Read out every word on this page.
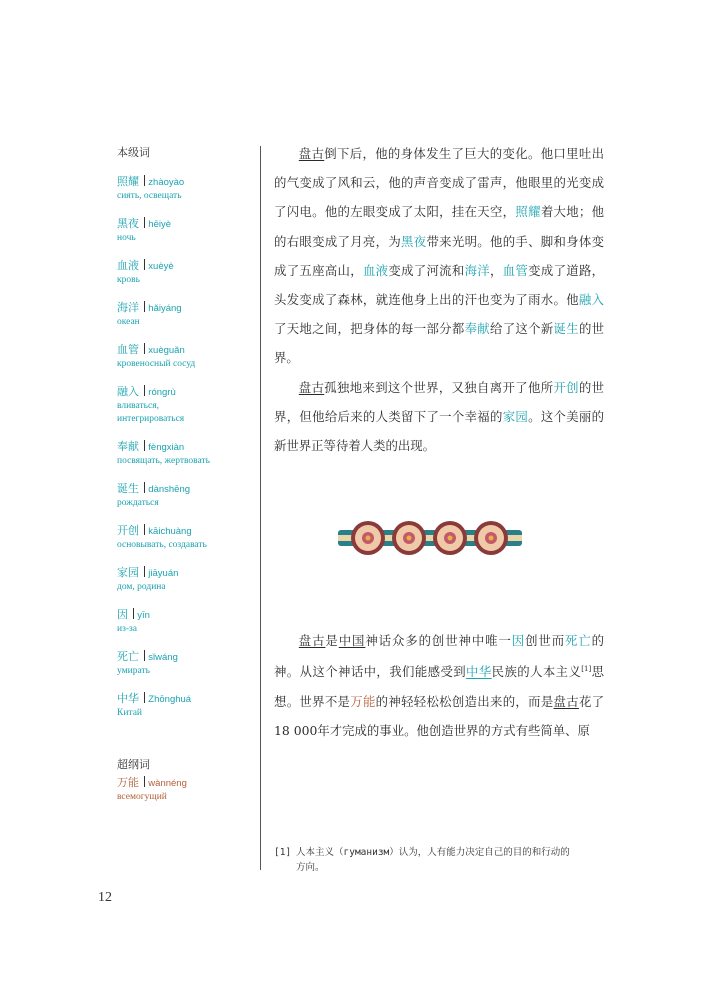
本级词
照耀 zhàoyào
сиять, освещать
黑夜 hēiyè
ночь
血液 xuèyè
кровь
海洋 hǎiyáng
океан
血管 xuèguǎn
кровеносный сосуд
融入 róngrù
вливаться,
интегрироваться
奉献 fèngxiàn
посвящать, жертвовать
诞生 dànshēng
рождаться
开创 kāichuàng
основывать, создавать
家园 jiāyuán
дом, родина
因 yīn
из-за
死亡 sǐwáng
умирать
中华 Zhōnghuá
Китай
超纲词
万能 wànnéng
всемогущий

盘古倒下后，他的身体发生了巨大的变化。他口里吐出的气变成了风和云，他的声音变成了雷声，他眼里的光变成了闪电。他的左眼变成了太阳，挂在天空，照耀着大地；他的右眼变成了月亮，为黑夜带来光明。他的手、脚和身体变成了五座高山，血液变成了河流和海洋，血管变成了道路，头发变成了森林，就连他身上出的汗也变为了雨水。他融入了天地之间，把身体的每一部分都奉献给了这个新诞生的世界。

盘古孤独地来到这个世界，又独自离开了他所开创的世界，但他给后来的人类留下了一个幸福的家园。这个美丽的新世界正等待着人类的出现。

盘古是中国神话众多的创世神中唯一因创世而死亡的神。从这个神话中，我们能感受到中华民族的人本主义[1]思想。世界不是万能的神轻轻松松创造出来的，而是盘古花了18 000年才完成的事业。他创造世界的方式有些简单、原

[1] 人本主义（гуманизм）认为，人有能力决定自己的目的和行动的
方向。
12
